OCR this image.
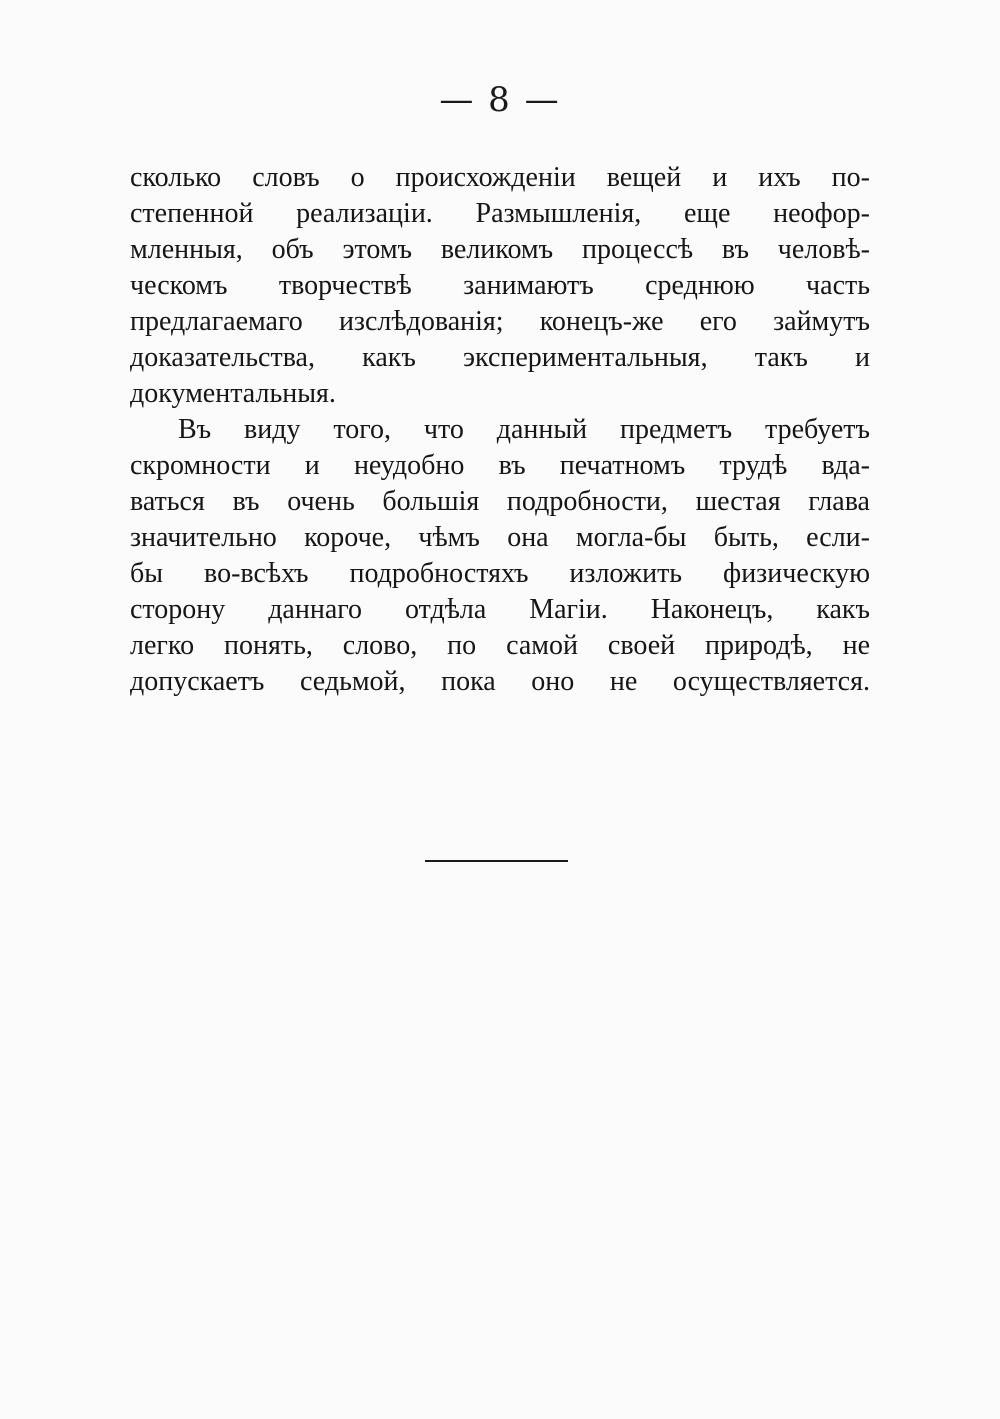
— 8 —
сколько словъ о происхожденіи вещей и ихъ по-
степенной реализаціи. Размышленія, еще неофор-
мленныя, объ этомъ великомъ процессѣ въ человѣ-
ческомъ творчествѣ занимаютъ среднюю часть
предлагаемаго изслѣдованія; конецъ-же его займутъ
доказательства, какъ экспериментальныя, такъ и
документальныя.
Въ виду того, что данный предметъ требуетъ
скромности и неудобно въ печатномъ трудѣ вда-
ваться въ очень большія подробности, шестая глава
значительно короче, чѣмъ она могла-бы быть, если-
бы во-всѣхъ подробностяхъ изложить физическую
сторону даннаго отдѣла Магіи. Наконецъ, какъ
легко понять, слово, по самой своей природѣ, не
допускаетъ седьмой, пока оно не осуществляется.
